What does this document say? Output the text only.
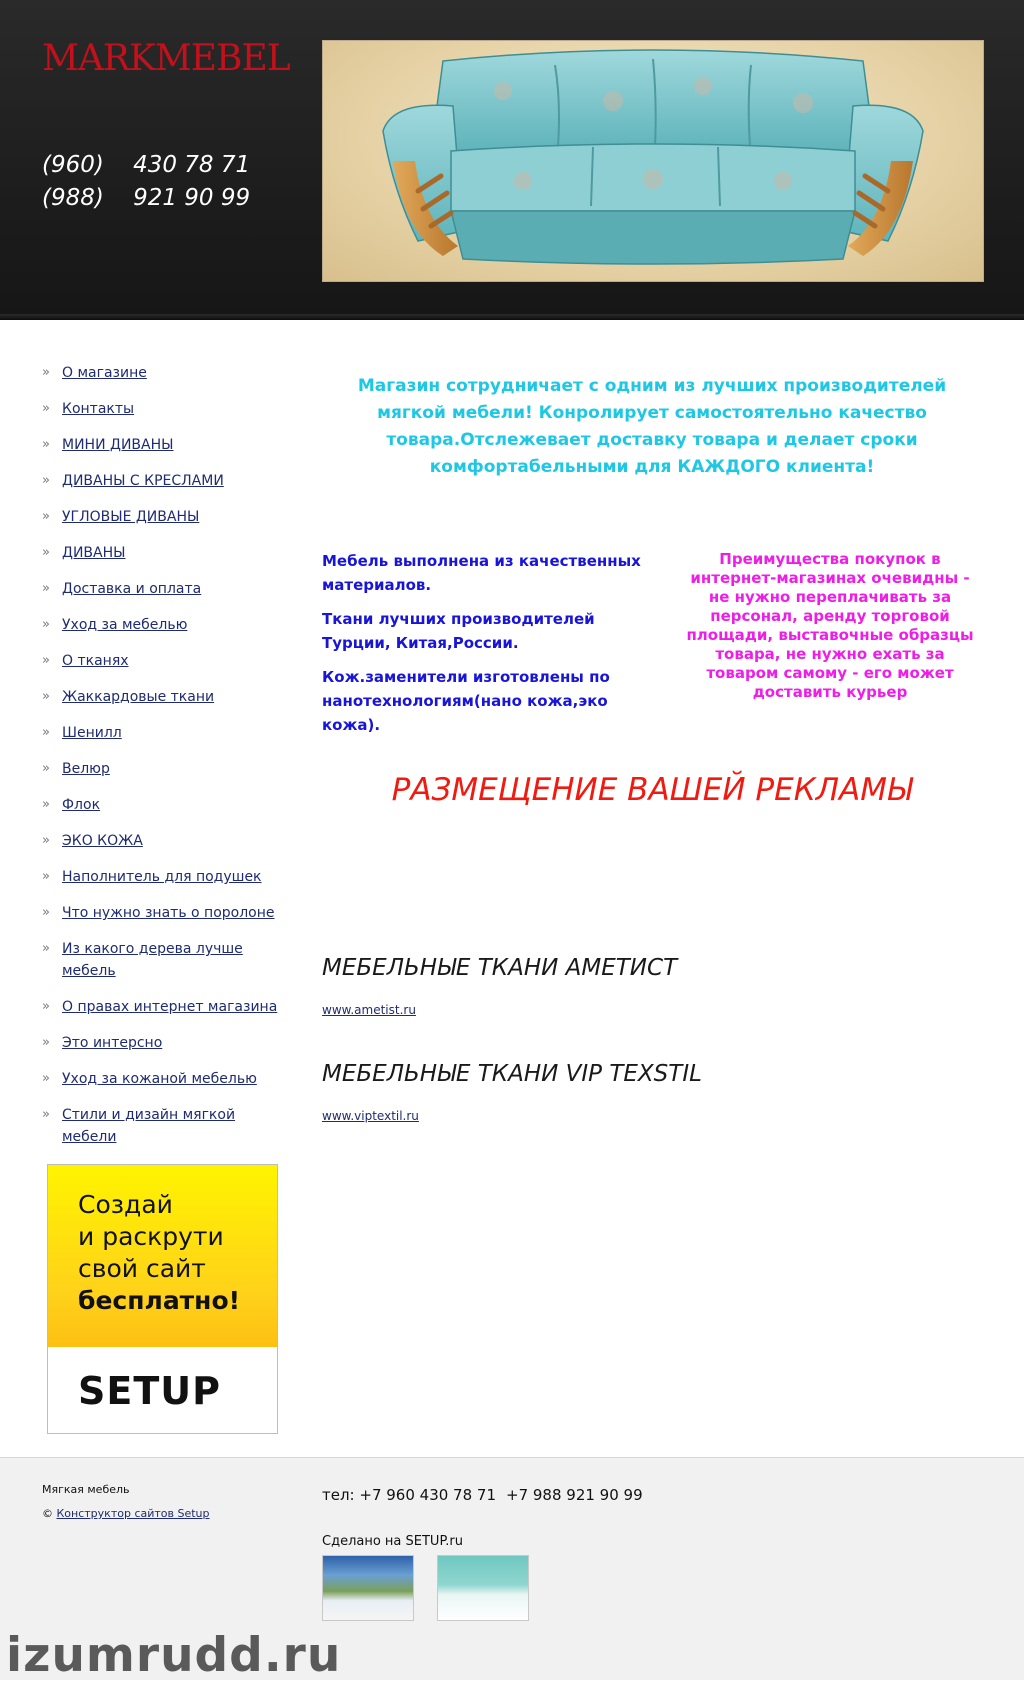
MARKMEBEL
(960)    430 78 71
(988)    921 90 99
» О магазине
» Контакты
» МИНИ ДИВАНЫ
» ДИВАНЫ С КРЕСЛАМИ
» УГЛОВЫЕ ДИВАНЫ
» ДИВАНЫ
» Доставка и оплата
» Уход за мебелью
» О тканях
» Жаккардовые ткани
» Шенилл
» Велюр
» Флок
» ЭКО КОЖА
» Наполнитель для подушек
» Что нужно знать о поролоне
» Из какого дерева лучше мебель
» О правах интернет магазина
» Это интерсно
» Уход за кожаной мебелью
» Стили и дизайн мягкой мебели
Создай
и раскрути
свой сайт
бесплатно!
SETUP
Магазин сотрудничает с одним из лучших производителей мягкой мебели! Конролирует самостоятельно качество товара.Отслежевает доставку товара и делает сроки комфортабельными для КАЖДОГО клиента!

Мебель выполнена из качественных материалов.

Ткани лучших производителей Турции, Китая,России.

Кож.заменители изготовлены по нанотехнологиям(нано кожа,эко кожа).

Преимущества покупок в интернет-магазинах очевидны - не нужно переплачивать за персонал, аренду торговой площади, выставочные образцы товара, не нужно ехать за товаром самому - его может доставить курьер
РАЗМЕЩЕНИЕ ВАШЕЙ РЕКЛАМЫ
МЕБЕЛЬНЫЕ ТКАНИ АМЕТИСТ
www.ametist.ru
МЕБЕЛЬНЫЕ ТКАНИ VIP TEXSTIL
www.viptextil.ru
Мягкая мебель
© Конструктор сайтов Setup
тел: +7 960 430 78 71 +7 988 921 90 99
Сделано на SETUP.ru
izumrudd.ru
